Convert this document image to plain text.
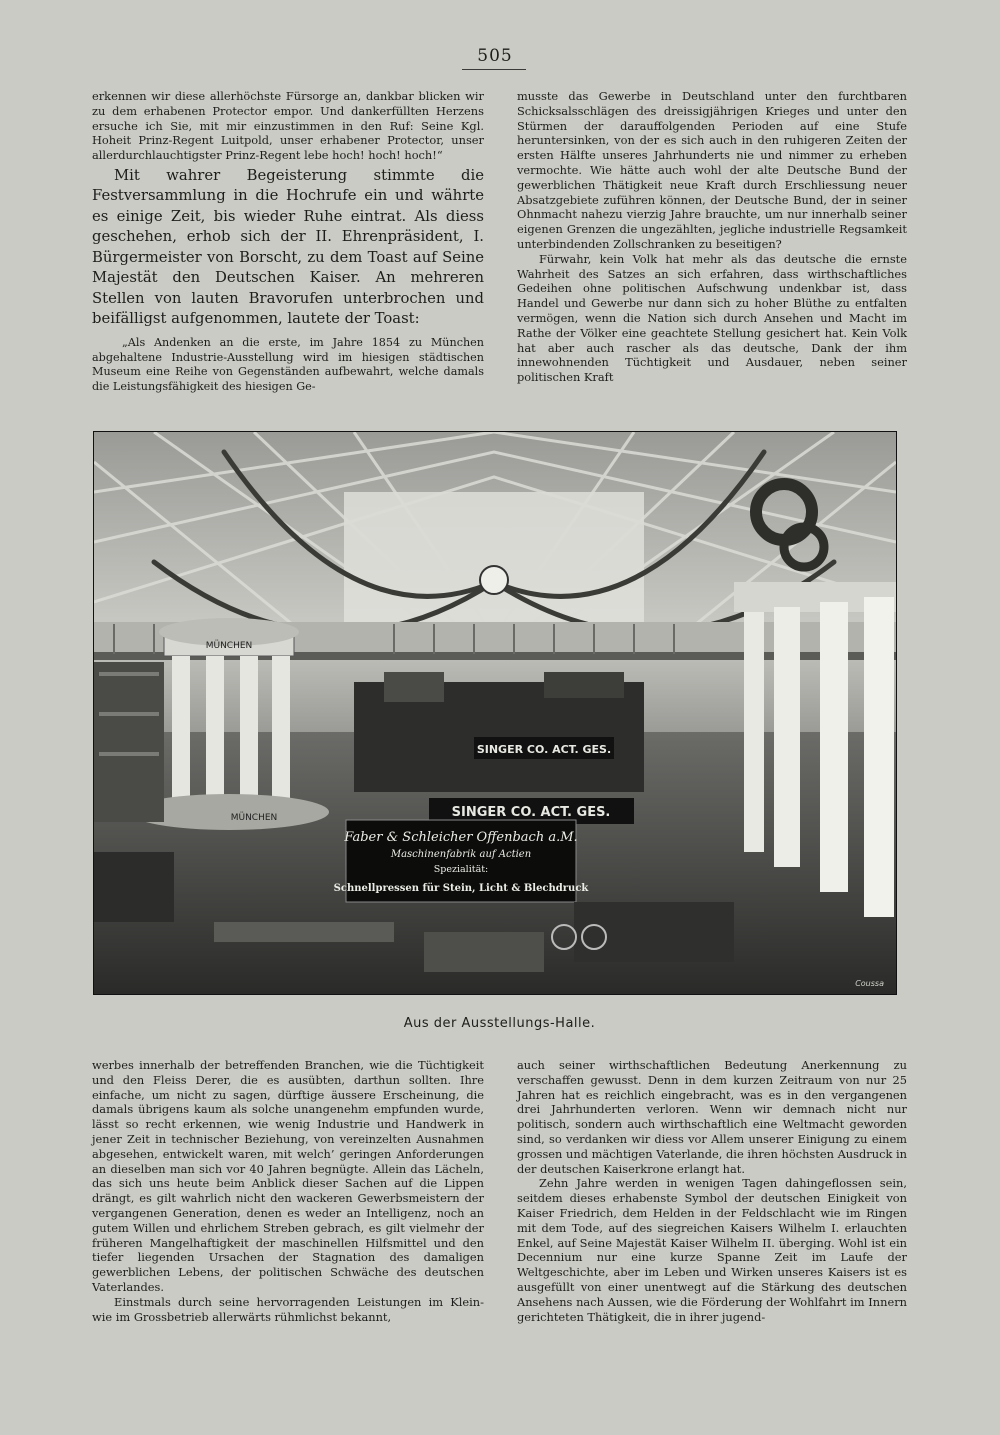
505

erkennen wir diese allerhöchste Fürsorge an, dankbar blicken wir zu dem erhabenen Protector empor. Und dankerfüllten Herzens ersuche ich Sie, mit mir einzustimmen in den Ruf: Seine Kgl. Hoheit Prinz-Regent Luitpold, unser erhabener Protector, unser allerdurchlauchtigster Prinz-Regent lebe hoch! hoch! hoch!“

Mit wahrer Begeisterung stimmte die Festversammlung in die Hochrufe ein und währte es einige Zeit, bis wieder Ruhe eintrat. Als diess geschehen, erhob sich der II. Ehrenpräsident, I. Bürgermeister von Borscht, zu dem Toast auf Seine Majestät den Deutschen Kaiser. An mehreren Stellen von lauten Bravorufen unterbrochen und beifälligst aufgenommen, lautete der Toast:

„Als Andenken an die erste, im Jahre 1854 zu München abgehaltene Industrie-Ausstellung wird im hiesigen städtischen Museum eine Reihe von Gegenständen aufbewahrt, welche damals die Leistungsfähigkeit des hiesigen Ge-

musste das Gewerbe in Deutschland unter den furchtbaren Schicksalsschlägen des dreissigjährigen Krieges und unter den Stürmen der darauffolgenden Perioden auf eine Stufe heruntersinken, von der es sich auch in den ruhigeren Zeiten der ersten Hälfte unseres Jahrhunderts nie und nimmer zu erheben vermochte. Wie hätte auch wohl der alte Deutsche Bund der gewerblichen Thätigkeit neue Kraft durch Erschliessung neuer Absatzgebiete zuführen können, der Deutsche Bund, der in seiner Ohnmacht nahezu vierzig Jahre brauchte, um nur innerhalb seiner eigenen Grenzen die ungezählten, jegliche industrielle Regsamkeit unterbindenden Zollschranken zu beseitigen?

Fürwahr, kein Volk hat mehr als das deutsche die ernste Wahrheit des Satzes an sich erfahren, dass wirthschaftliches Gedeihen ohne politischen Aufschwung undenkbar ist, dass Handel und Gewerbe nur dann sich zu hoher Blüthe zu entfalten vermögen, wenn die Nation sich durch Ansehen und Macht im Rathe der Völker eine geachtete Stellung gesichert hat. Kein Volk hat aber auch rascher als das deutsche, Dank der ihm innewohnenden Tüchtigkeit und Ausdauer, neben seiner politischen Kraft

MÜNCHEN
MÜNCHEN
SINGER CO. ACT. GES.
SINGER CO. ACT. GES.
Faber & Schleicher Offenbach a.M.
Maschinenfabrik auf Actien
Spezialität:
Schnellpressen für Stein, Licht & Blechdruck
Coussa
Aus der Ausstellungs-Halle.

werbes innerhalb der betreffenden Branchen, wie die Tüchtigkeit und den Fleiss Derer, die es ausübten, darthun sollten. Ihre einfache, um nicht zu sagen, dürftige äussere Erscheinung, die damals übrigens kaum als solche unangenehm empfunden wurde, lässt so recht erkennen, wie wenig Industrie und Handwerk in jener Zeit in technischer Beziehung, von vereinzelten Ausnahmen abgesehen, entwickelt waren, mit welch’ geringen Anforderungen an dieselben man sich vor 40 Jahren begnügte. Allein das Lächeln, das sich uns heute beim Anblick dieser Sachen auf die Lippen drängt, es gilt wahrlich nicht den wackeren Gewerbsmeistern der vergangenen Generation, denen es weder an Intelligenz, noch an gutem Willen und ehrlichem Streben gebrach, es gilt vielmehr der früheren Mangelhaftigkeit der maschinellen Hilfsmittel und den tiefer liegenden Ursachen der Stagnation des damaligen gewerblichen Lebens, der politischen Schwäche des deutschen Vaterlandes.

Einstmals durch seine hervorragenden Leistungen im Klein- wie im Grossbetrieb allerwärts rühmlichst bekannt,

auch seiner wirthschaftlichen Bedeutung Anerkennung zu verschaffen gewusst. Denn in dem kurzen Zeitraum von nur 25 Jahren hat es reichlich eingebracht, was es in den vergangenen drei Jahrhunderten verloren. Wenn wir demnach nicht nur politisch, sondern auch wirthschaftlich eine Weltmacht geworden sind, so verdanken wir diess vor Allem unserer Einigung zu einem grossen und mächtigen Vaterlande, die ihren höchsten Ausdruck in der deutschen Kaiserkrone erlangt hat.

Zehn Jahre werden in wenigen Tagen dahingeflossen sein, seitdem dieses erhabenste Symbol der deutschen Einigkeit von Kaiser Friedrich, dem Helden in der Feldschlacht wie im Ringen mit dem Tode, auf des siegreichen Kaisers Wilhelm I. erlauchten Enkel, auf Seine Majestät Kaiser Wilhelm II. überging. Wohl ist ein Decennium nur eine kurze Spanne Zeit im Laufe der Weltgeschichte, aber im Leben und Wirken unseres Kaisers ist es ausgefüllt von einer unentwegt auf die Stärkung des deutschen Ansehens nach Aussen, wie die Förderung der Wohlfahrt im Innern gerichteten Thätigkeit, die in ihrer jugend-
